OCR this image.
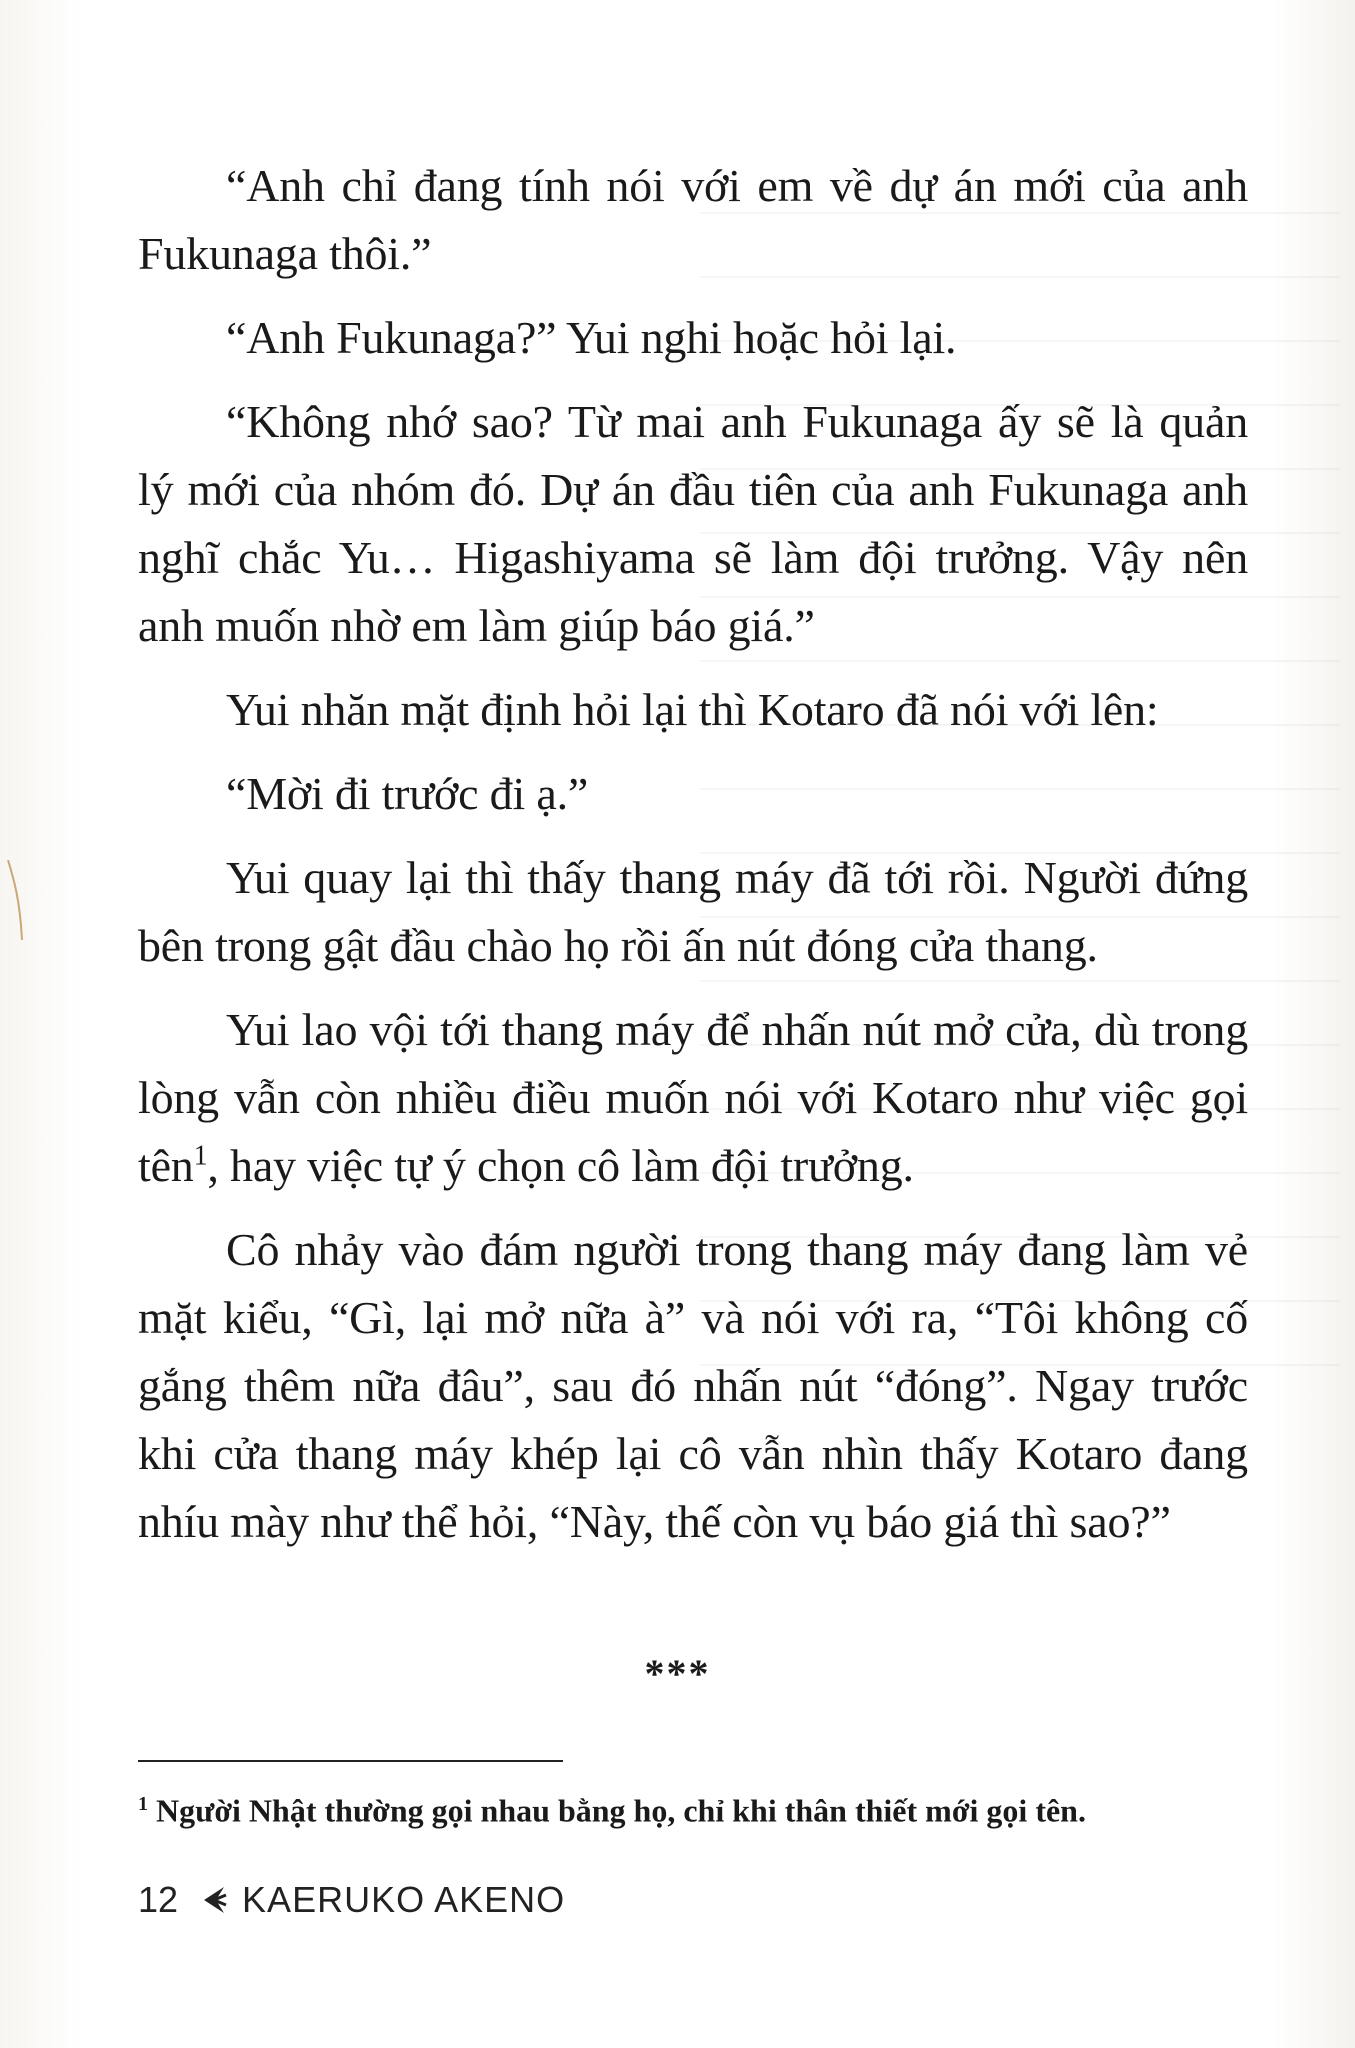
“Anh chỉ đang tính nói với em về dự án mới của anh Fukunaga thôi.”

“Anh Fukunaga?” Yui nghi hoặc hỏi lại.

“Không nhớ sao? Từ mai anh Fukunaga ấy sẽ là quản lý mới của nhóm đó. Dự án đầu tiên của anh Fukunaga anh nghĩ chắc Yu… Higashiyama sẽ làm đội trưởng. Vậy nên anh muốn nhờ em làm giúp báo giá.”

Yui nhăn mặt định hỏi lại thì Kotaro đã nói với lên:

“Mời đi trước đi ạ.”

Yui quay lại thì thấy thang máy đã tới rồi. Người đứng bên trong gật đầu chào họ rồi ấn nút đóng cửa thang.

Yui lao vội tới thang máy để nhấn nút mở cửa, dù trong lòng vẫn còn nhiều điều muốn nói với Kotaro như việc gọi tên$^1$, hay việc tự ý chọn cô làm đội trưởng.

Cô nhảy vào đám người trong thang máy đang làm vẻ mặt kiểu, “Gì, lại mở nữa à” và nói với ra, “Tôi không cố gắng thêm nữa đâu”, sau đó nhấn nút “đóng”. Ngay trước khi cửa thang máy khép lại cô vẫn nhìn thấy Kotaro đang nhíu mày như thể hỏi, “Này, thế còn vụ báo giá thì sao?”

***
$^1$ Người Nhật thường gọi nhau bằng họ, chỉ khi thân thiết mới gọi tên.
12 KAERUKO AKENO
